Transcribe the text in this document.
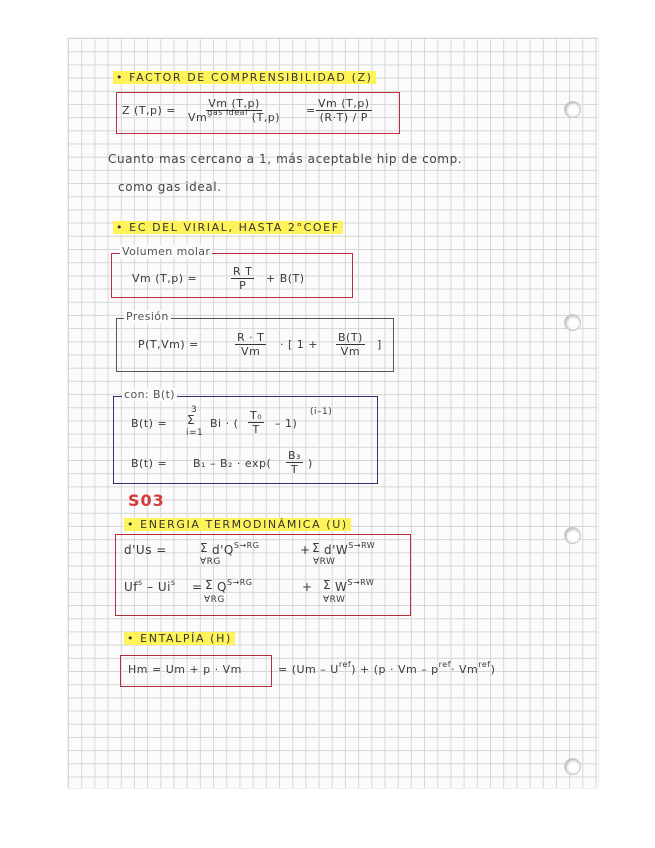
• FACTOR DE COMPRENSIBILIDAD (Z)
Z (T,p) =
Vm (T,p)
$Vm^{gas ideal}$ (T,p)
= $\frac{Vm (T,p)}{(R\cdot T) / P}$
Cuanto mas cercano a 1, más aceptable hip de comp.
como gas ideal.
• EC DEL VIRIAL, HASTA 2°COEF
Volumen molar
Vm (T,p) =	$\frac{\text{R T}}{P} + B(T)$
Presión
P(T,Vm) =	$\frac{R \cdot T}{Vm}$ · [ $1 + \frac{B(T)}{Vm}$ ]
con: B(t)
B(t) =
3
Σ
i=1
Bi · ( $\frac{\text{T₀}}{T} - 1$)
(i–1)
$B(t) = B_1 - B_2 \cdot \exp( \frac{\text{B₃}}{T}$ )
S03
• ENERGIA TERMODINÁMICA (U)
d'Us =	Σ $d'Q^{S\to RG}$
∀RG
+ Σ $d'W^{S\to RW}$
∀RW
$Uf^s - Ui^s = \Sigma$ $Q^{S\to RG}$
∀RG
+ Σ $W^{S\to RW}$
∀RW
• ENTALPÍA (H)
Hm = Um + p · Vm	= $(Um - U^{ref}) + (p \cdot Vm - p^{ref}\cdot Vm^{ref})$
